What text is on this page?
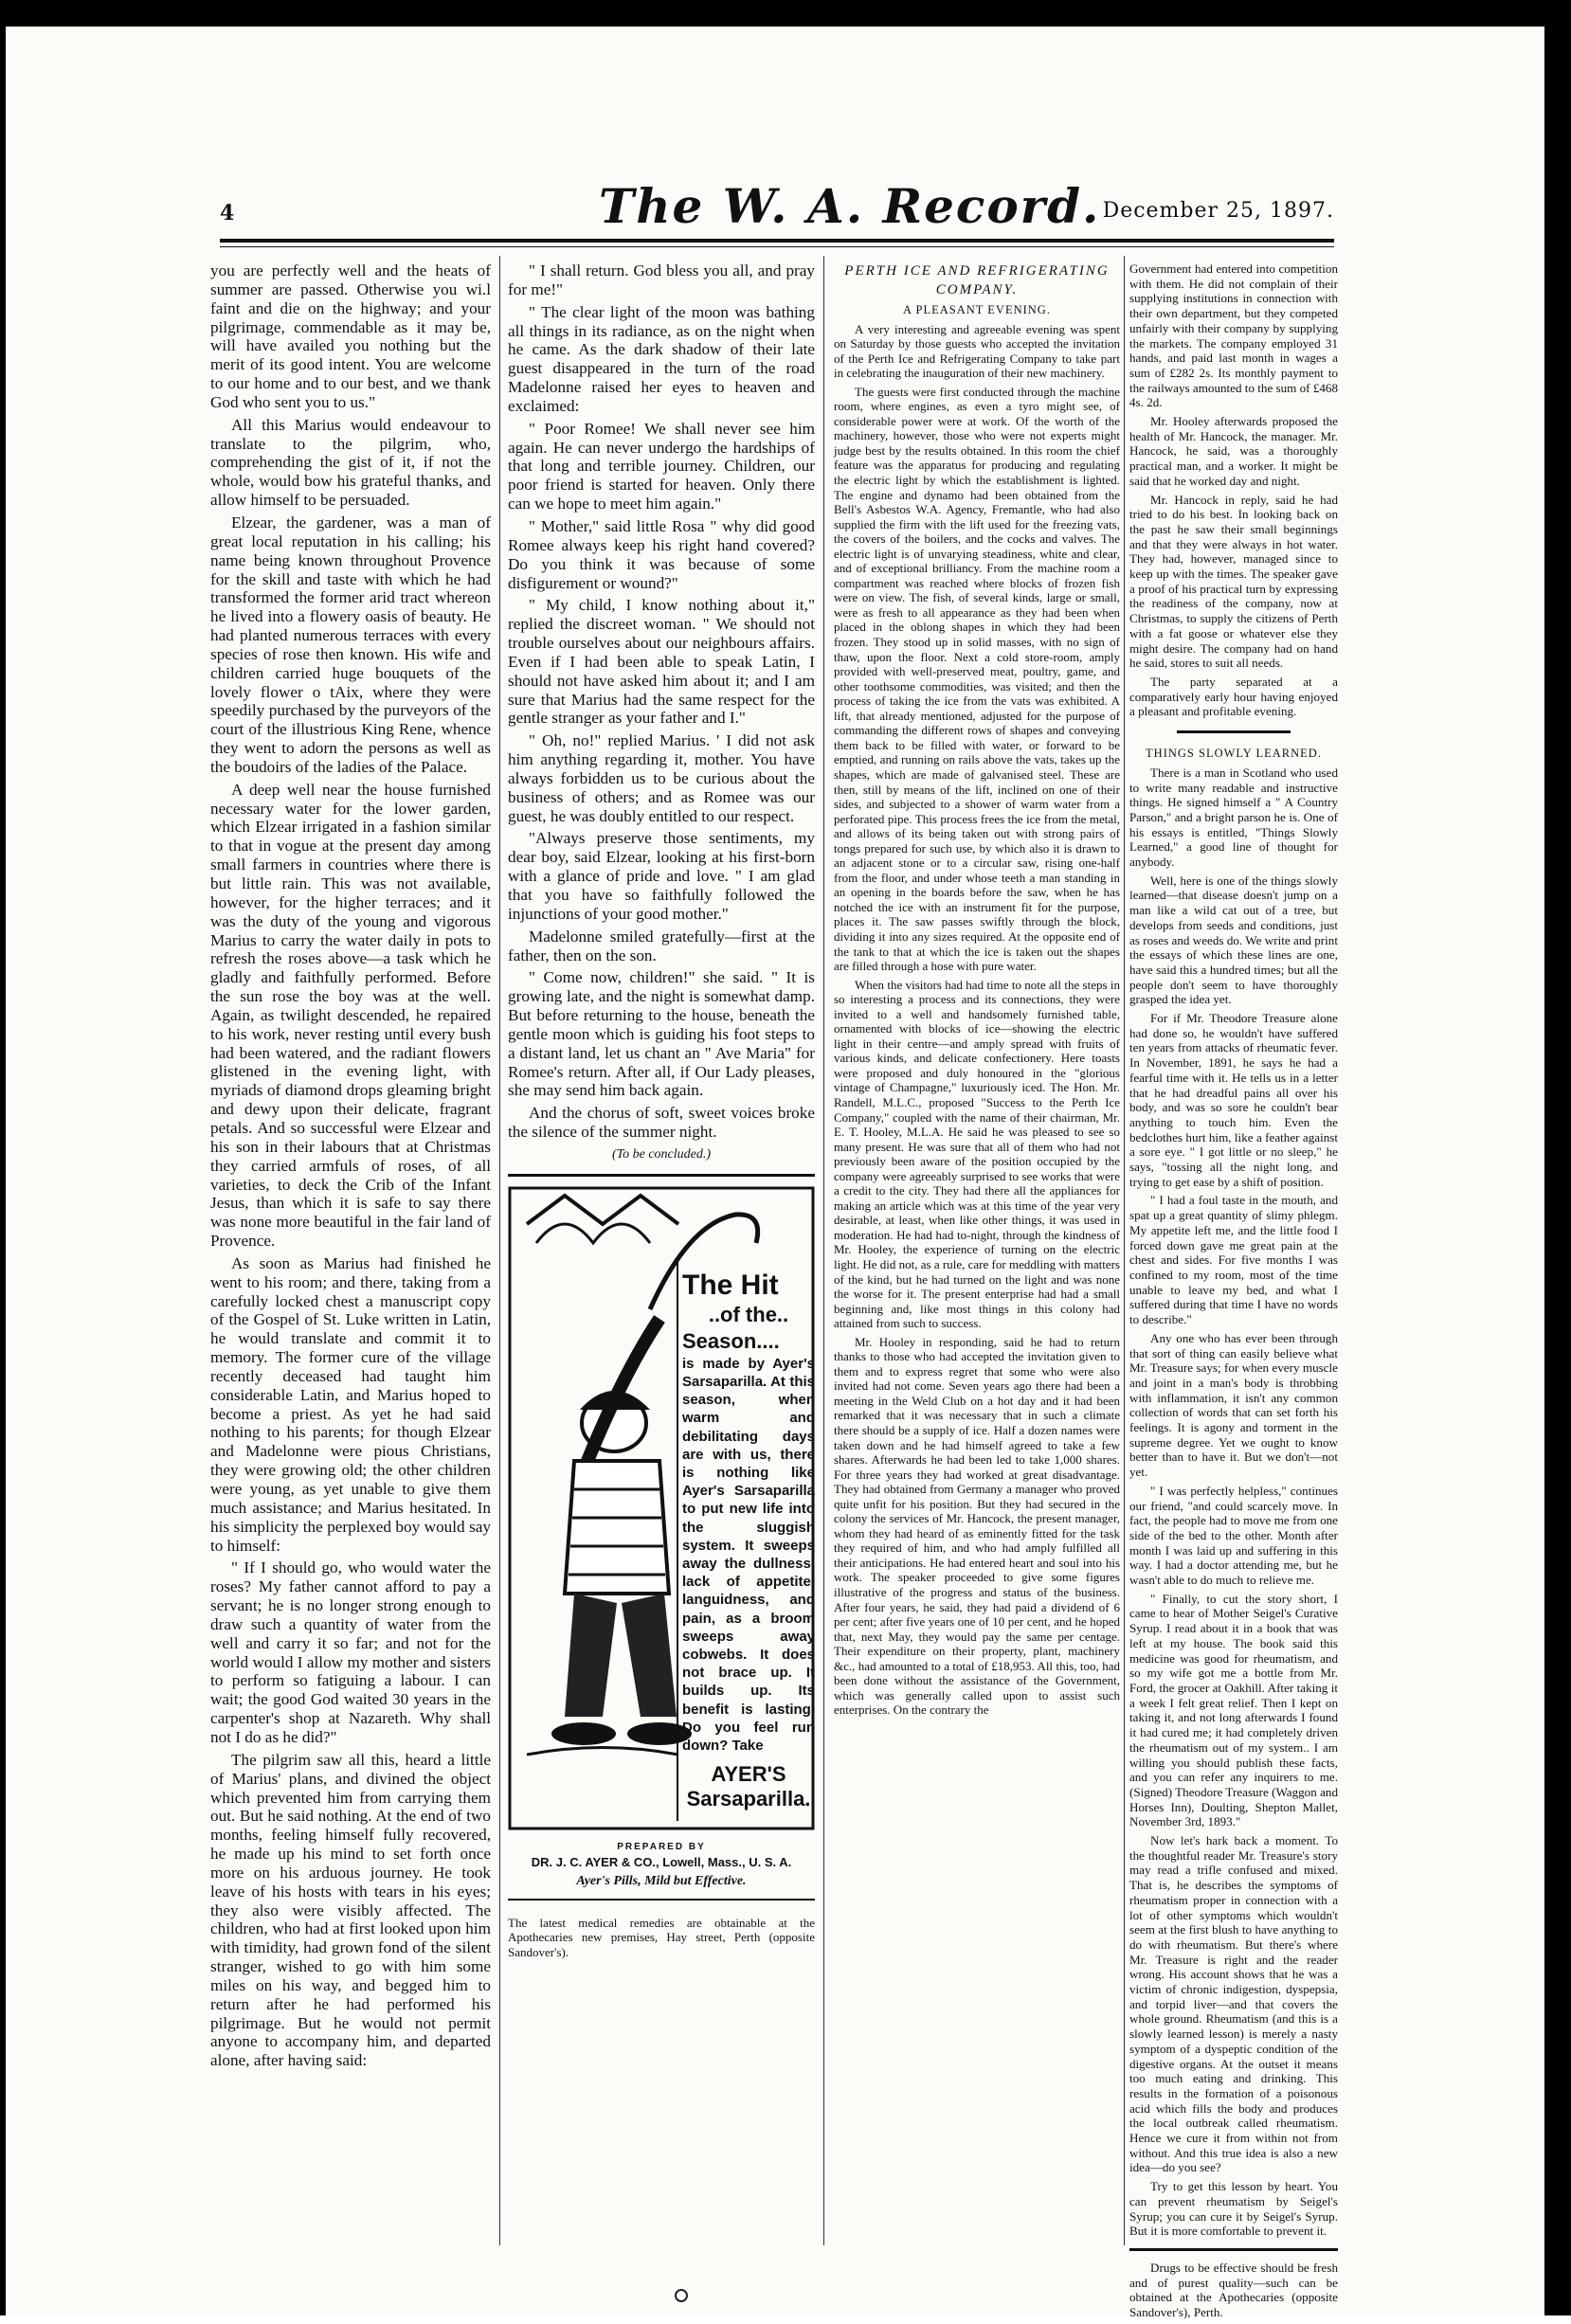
4	The W. A. Record. December 25, 1897.

you are perfectly well and the heats of summer are passed. Otherwise you wi.l faint and die on the highway; and your pilgrimage, commendable as it may be, will have availed you nothing but the merit of its good intent. You are welcome to our home and to our best, and we thank God who sent you to us."

All this Marius would endeavour to translate to the pilgrim, who, comprehending the gist of it, if not the whole, would bow his grateful thanks, and allow himself to be persuaded.

Elzear, the gardener, was a man of great local reputation in his calling; his name being known throughout Provence for the skill and taste with which he had transformed the former arid tract whereon he lived into a flowery oasis of beauty. He had planted numerous terraces with every species of rose then known. His wife and children carried huge bouquets of the lovely flower o tAix, where they were speedily purchased by the purveyors of the court of the illustrious King Rene, whence they went to adorn the persons as well as the boudoirs of the ladies of the Palace.

A deep well near the house furnished necessary water for the lower garden, which Elzear irrigated in a fashion similar to that in vogue at the present day among small farmers in countries where there is but little rain. This was not available, however, for the higher terraces; and it was the duty of the young and vigorous Marius to carry the water daily in pots to refresh the roses above—a task which he gladly and faithfully performed. Before the sun rose the boy was at the well. Again, as twilight descended, he repaired to his work, never resting until every bush had been watered, and the radiant flowers glistened in the evening light, with myriads of diamond drops gleaming bright and dewy upon their delicate, fragrant petals. And so successful were Elzear and his son in their labours that at Christmas they carried armfuls of roses, of all varieties, to deck the Crib of the Infant Jesus, than which it is safe to say there was none more beautiful in the fair land of Provence.

As soon as Marius had finished he went to his room; and there, taking from a carefully locked chest a manuscript copy of the Gospel of St. Luke written in Latin, he would translate and commit it to memory. The former cure of the village recently deceased had taught him considerable Latin, and Marius hoped to become a priest. As yet he had said nothing to his parents; for though Elzear and Madelonne were pious Christians, they were growing old; the other children were young, as yet unable to give them much assistance; and Marius hesitated. In his simplicity the perplexed boy would say to himself:

" If I should go, who would water the roses? My father cannot afford to pay a servant; he is no longer strong enough to draw such a quantity of water from the well and carry it so far; and not for the world would I allow my mother and sisters to perform so fatiguing a labour. I can wait; the good God waited 30 years in the carpenter's shop at Nazareth. Why shall not I do as he did?"

The pilgrim saw all this, heard a little of Marius' plans, and divined the object which prevented him from carrying them out. But he said nothing. At the end of two months, feeling himself fully recovered, he made up his mind to set forth once more on his arduous journey. He took leave of his hosts with tears in his eyes; they also were visibly affected. The children, who had at first looked upon him with timidity, had grown fond of the silent stranger, wished to go with him some miles on his way, and begged him to return after he had performed his pilgrimage. But he would not permit anyone to accompany him, and departed alone, after having said:

" I shall return. God bless you all, and pray for me!"

" The clear light of the moon was bathing all things in its radiance, as on the night when he came. As the dark shadow of their late guest disappeared in the turn of the road Madelonne raised her eyes to heaven and exclaimed:

" Poor Romee! We shall never see him again. He can never undergo the hardships of that long and terrible journey. Children, our poor friend is started for heaven. Only there can we hope to meet him again."

" Mother," said little Rosa " why did good Romee always keep his right hand covered? Do you think it was because of some disfigurement or wound?"

" My child, I know nothing about it," replied the discreet woman. " We should not trouble ourselves about our neighbours affairs. Even if I had been able to speak Latin, I should not have asked him about it; and I am sure that Marius had the same respect for the gentle stranger as your father and I."

" Oh, no!" replied Marius. ' I did not ask him anything regarding it, mother. You have always forbidden us to be curious about the business of others; and as Romee was our guest, he was doubly entitled to our respect.

"Always preserve those sentiments, my dear boy, said Elzear, looking at his first-born with a glance of pride and love. " I am glad that you have so faithfully followed the injunctions of your good mother."

Madelonne smiled gratefully—first at the father, then on the son.

" Come now, children!" she said. " It is growing late, and the night is somewhat damp. But before returning to the house, beneath the gentle moon which is guiding his foot steps to a distant land, let us chant an " Ave Maria" for Romee's return. After all, if Our Lady pleases, she may send him back again.

And the chorus of soft, sweet voices broke the silence of the summer night.

(To be concluded.)

The Hit
..of the..
Season....
is made by Ayer's Sarsaparilla. At this season, when warm and debilitating days are with us, there is nothing like Ayer's Sarsaparilla to put new life into the sluggish system. It sweeps away the dullness, lack of appetite, languidness, and pain, as a broom sweeps away cobwebs. It does not brace up. It builds up. Its benefit is lasting. Do you feel run down? Take
AYER'S
Sarsaparilla.
PREPARED BY
DR. J. C. AYER & CO., Lowell, Mass., U. S. A.
Ayer's Pills, Mild but Effective.
The latest medical remedies are obtainable at the Apothecaries new premises, Hay street, Perth (opposite Sandover's).

PERTH ICE AND REFRIGERATING COMPANY.

A PLEASANT EVENING.

A very interesting and agreeable evening was spent on Saturday by those guests who accepted the invitation of the Perth Ice and Refrigerating Company to take part in celebrating the inauguration of their new machinery.

The guests were first conducted through the machine room, where engines, as even a tyro might see, of considerable power were at work. Of the worth of the machinery, however, those who were not experts might judge best by the results obtained. In this room the chief feature was the apparatus for producing and regulating the electric light by which the establishment is lighted. The engine and dynamo had been obtained from the Bell's Asbestos W.A. Agency, Fremantle, who had also supplied the firm with the lift used for the freezing vats, the covers of the boilers, and the cocks and valves. The electric light is of unvarying steadiness, white and clear, and of exceptional brilliancy. From the machine room a compartment was reached where blocks of frozen fish were on view. The fish, of several kinds, large or small, were as fresh to all appearance as they had been when placed in the oblong shapes in which they had been frozen. They stood up in solid masses, with no sign of thaw, upon the floor. Next a cold store-room, amply provided with well-preserved meat, poultry, game, and other toothsome commodities, was visited; and then the process of taking the ice from the vats was exhibited. A lift, that already mentioned, adjusted for the purpose of commanding the different rows of shapes and conveying them back to be filled with water, or forward to be emptied, and running on rails above the vats, takes up the shapes, which are made of galvanised steel. These are then, still by means of the lift, inclined on one of their sides, and subjected to a shower of warm water from a perforated pipe. This process frees the ice from the metal, and allows of its being taken out with strong pairs of tongs prepared for such use, by which also it is drawn to an adjacent stone or to a circular saw, rising one-half from the floor, and under whose teeth a man standing in an opening in the boards before the saw, when he has notched the ice with an instrument fit for the purpose, places it. The saw passes swiftly through the block, dividing it into any sizes required. At the opposite end of the tank to that at which the ice is taken out the shapes are filled through a hose with pure water.

When the visitors had had time to note all the steps in so interesting a process and its connections, they were invited to a well and handsomely furnished table, ornamented with blocks of ice—showing the electric light in their centre—and amply spread with fruits of various kinds, and delicate confectionery. Here toasts were proposed and duly honoured in the "glorious vintage of Champagne," luxuriously iced. The Hon. Mr. Randell, M.L.C., proposed "Success to the Perth Ice Company," coupled with the name of their chairman, Mr. E. T. Hooley, M.L.A. He said he was pleased to see so many present. He was sure that all of them who had not previously been aware of the position occupied by the company were agreeably surprised to see works that were a credit to the city. They had there all the appliances for making an article which was at this time of the year very desirable, at least, when like other things, it was used in moderation. He had had to-night, through the kindness of Mr. Hooley, the experience of turning on the electric light. He did not, as a rule, care for meddling with matters of the kind, but he had turned on the light and was none the worse for it. The present enterprise had had a small beginning and, like most things in this colony had attained from such to success.

Mr. Hooley in responding, said he had to return thanks to those who had accepted the invitation given to them and to express regret that some who were also invited had not come. Seven years ago there had been a meeting in the Weld Club on a hot day and it had been remarked that it was necessary that in such a climate there should be a supply of ice. Half a dozen names were taken down and he had himself agreed to take a few shares. Afterwards he had been led to take 1,000 shares. For three years they had worked at great disadvantage. They had obtained from Germany a manager who proved quite unfit for his position. But they had secured in the colony the services of Mr. Hancock, the present manager, whom they had heard of as eminently fitted for the task they required of him, and who had amply fulfilled all their anticipations. He had entered heart and soul into his work. The speaker proceeded to give some figures illustrative of the progress and status of the business. After four years, he said, they had paid a dividend of 6 per cent; after five years one of 10 per cent, and he hoped that, next May, they would pay the same per centage. Their expenditure on their property, plant, machinery &c., had amounted to a total of £18,953. All this, too, had been done without the assistance of the Government, which was generally called upon to assist such enterprises. On the contrary the

Government had entered into competition with them. He did not complain of their supplying institutions in connection with their own department, but they competed unfairly with their company by supplying the markets. The company employed 31 hands, and paid last month in wages a sum of £282 2s. Its monthly payment to the railways amounted to the sum of £468 4s. 2d.

Mr. Hooley afterwards proposed the health of Mr. Hancock, the manager. Mr. Hancock, he said, was a thoroughly practical man, and a worker. It might be said that he worked day and night.

Mr. Hancock in reply, said he had tried to do his best. In looking back on the past he saw their small beginnings and that they were always in hot water. They had, however, managed since to keep up with the times. The speaker gave a proof of his practical turn by expressing the readiness of the company, now at Christmas, to supply the citizens of Perth with a fat goose or whatever else they might desire. The company had on hand he said, stores to suit all needs.

The party separated at a comparatively early hour having enjoyed a pleasant and profitable evening.

THINGS SLOWLY LEARNED.

There is a man in Scotland who used to write many readable and instructive things. He signed himself a " A Country Parson," and a bright parson he is. One of his essays is entitled, "Things Slowly Learned," a good line of thought for anybody.

Well, here is one of the things slowly learned—that disease doesn't jump on a man like a wild cat out of a tree, but develops from seeds and conditions, just as roses and weeds do. We write and print the essays of which these lines are one, have said this a hundred times; but all the people don't seem to have thoroughly grasped the idea yet.

For if Mr. Theodore Treasure alone had done so, he wouldn't have suffered ten years from attacks of rheumatic fever. In November, 1891, he says he had a fearful time with it. He tells us in a letter that he had dreadful pains all over his body, and was so sore he couldn't bear anything to touch him. Even the bedclothes hurt him, like a feather against a sore eye. " I got little or no sleep," he says, "tossing all the night long, and trying to get ease by a shift of position.

" I had a foul taste in the mouth, and spat up a great quantity of slimy phlegm. My appetite left me, and the little food I forced down gave me great pain at the chest and sides. For five months I was confined to my room, most of the time unable to leave my bed, and what I suffered during that time I have no words to describe."

Any one who has ever been through that sort of thing can easily believe what Mr. Treasure says; for when every muscle and joint in a man's body is throbbing with inflammation, it isn't any common collection of words that can set forth his feelings. It is agony and torment in the supreme degree. Yet we ought to know better than to have it. But we don't—not yet.

" I was perfectly helpless," continues our friend, "and could scarcely move. In fact, the people had to move me from one side of the bed to the other. Month after month I was laid up and suffering in this way. I had a doctor attending me, but he wasn't able to do much to relieve me.

" Finally, to cut the story short, I came to hear of Mother Seigel's Curative Syrup. I read about it in a book that was left at my house. The book said this medicine was good for rheumatism, and so my wife got me a bottle from Mr. Ford, the grocer at Oakhill. After taking it a week I felt great relief. Then I kept on taking it, and not long afterwards I found it had cured me; it had completely driven the rheumatism out of my system.. I am willing you should publish these facts, and you can refer any inquirers to me. (Signed) Theodore Treasure (Waggon and Horses Inn), Doulting, Shepton Mallet, November 3rd, 1893."

Now let's hark back a moment. To the thoughtful reader Mr. Treasure's story may read a trifle confused and mixed. That is, he describes the symptoms of rheumatism proper in connection with a lot of other symptoms which wouldn't seem at the first blush to have anything to do with rheumatism. But there's where Mr. Treasure is right and the reader wrong. His account shows that he was a victim of chronic indigestion, dyspepsia, and torpid liver—and that covers the whole ground. Rheumatism (and this is a slowly learned lesson) is merely a nasty symptom of a dyspeptic condition of the digestive organs. At the outset it means too much eating and drinking. This results in the formation of a poisonous acid which fills the body and produces the local outbreak called rheumatism. Hence we cure it from within not from without. And this true idea is also a new idea—do you see?

Try to get this lesson by heart. You can prevent rheumatism by Seigel's Syrup; you can cure it by Seigel's Syrup. But it is more comfortable to prevent it.

Drugs to be effective should be fresh and of purest quality—such can be obtained at the Apothecaries (opposite Sandover's), Perth.
